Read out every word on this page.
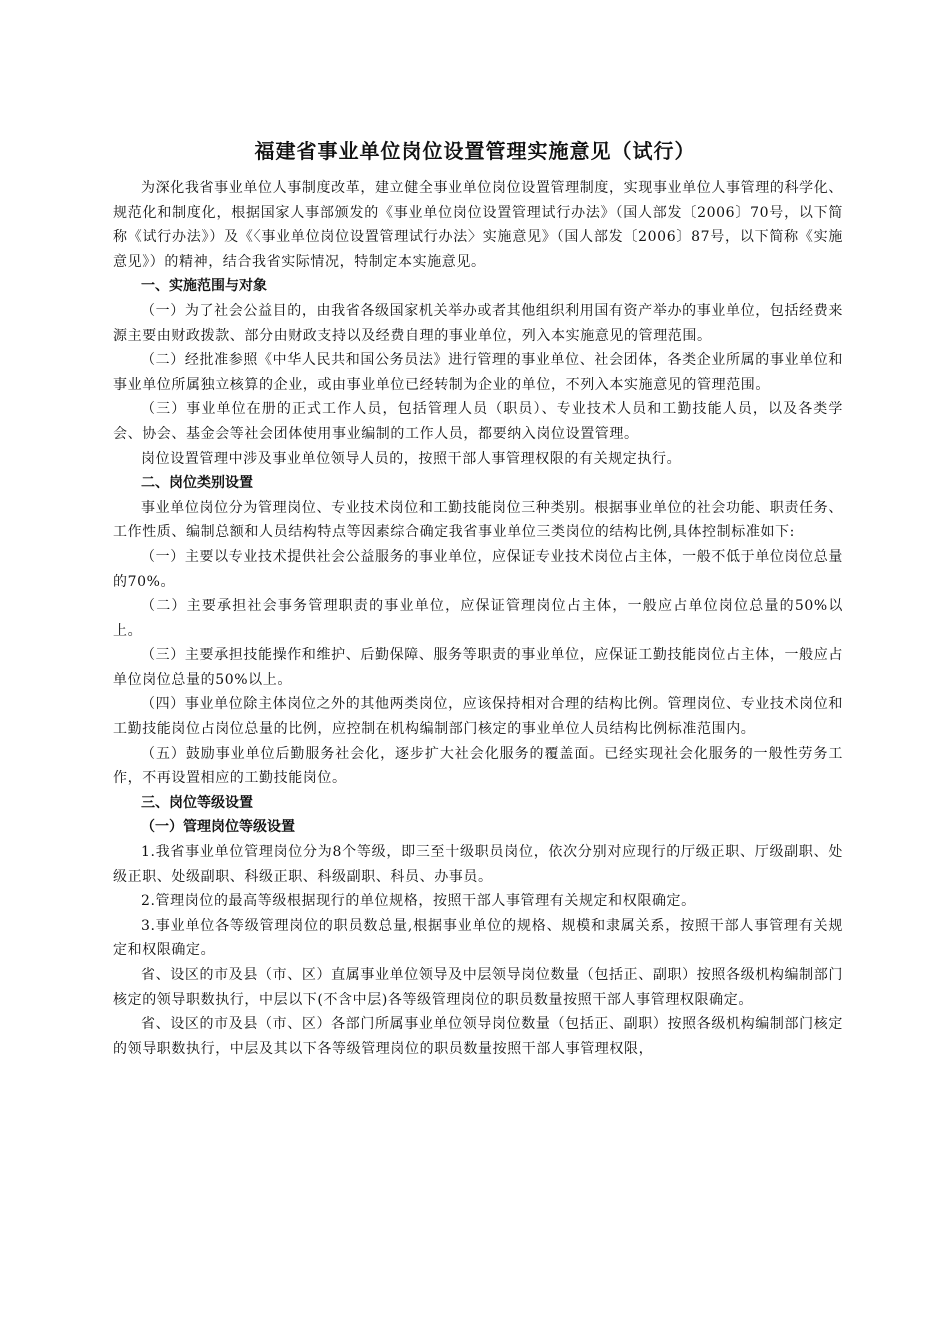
福建省事业单位岗位设置管理实施意见（试行）

为深化我省事业单位人事制度改革，建立健全事业单位岗位设置管理制度，实现事业单位人事管理的科学化、规范化和制度化，根据国家人事部颁发的《事业单位岗位设置管理试行办法》（国人部发〔2006〕70号，以下简称《试行办法》）及《〈事业单位岗位设置管理试行办法〉实施意见》（国人部发〔2006〕87号，以下简称《实施意见》）的精神，结合我省实际情况，特制定本实施意见。

一、实施范围与对象

（一）为了社会公益目的，由我省各级国家机关举办或者其他组织利用国有资产举办的事业单位，包括经费来源主要由财政拨款、部分由财政支持以及经费自理的事业单位，列入本实施意见的管理范围。

（二）经批准参照《中华人民共和国公务员法》进行管理的事业单位、社会团体，各类企业所属的事业单位和事业单位所属独立核算的企业，或由事业单位已经转制为企业的单位，不列入本实施意见的管理范围。

（三）事业单位在册的正式工作人员，包括管理人员（职员）、专业技术人员和工勤技能人员，以及各类学会、协会、基金会等社会团体使用事业编制的工作人员，都要纳入岗位设置管理。

岗位设置管理中涉及事业单位领导人员的，按照干部人事管理权限的有关规定执行。

二、岗位类别设置

事业单位岗位分为管理岗位、专业技术岗位和工勤技能岗位三种类别。根据事业单位的社会功能、职责任务、工作性质、编制总额和人员结构特点等因素综合确定我省事业单位三类岗位的结构比例,具体控制标准如下:

（一）主要以专业技术提供社会公益服务的事业单位，应保证专业技术岗位占主体，一般不低于单位岗位总量的70%。

（二）主要承担社会事务管理职责的事业单位，应保证管理岗位占主体，一般应占单位岗位总量的50%以上。

（三）主要承担技能操作和维护、后勤保障、服务等职责的事业单位，应保证工勤技能岗位占主体，一般应占单位岗位总量的50%以上。

（四）事业单位除主体岗位之外的其他两类岗位，应该保持相对合理的结构比例。管理岗位、专业技术岗位和工勤技能岗位占岗位总量的比例，应控制在机构编制部门核定的事业单位人员结构比例标准范围内。

（五）鼓励事业单位后勤服务社会化，逐步扩大社会化服务的覆盖面。已经实现社会化服务的一般性劳务工作，不再设置相应的工勤技能岗位。

三、岗位等级设置

（一）管理岗位等级设置

1.我省事业单位管理岗位分为8个等级，即三至十级职员岗位，依次分别对应现行的厅级正职、厅级副职、处级正职、处级副职、科级正职、科级副职、科员、办事员。

2.管理岗位的最高等级根据现行的单位规格，按照干部人事管理有关规定和权限确定。

3.事业单位各等级管理岗位的职员数总量,根据事业单位的规格、规模和隶属关系，按照干部人事管理有关规定和权限确定。

省、设区的市及县（市、区）直属事业单位领导及中层领导岗位数量（包括正、副职）按照各级机构编制部门核定的领导职数执行，中层以下(不含中层)各等级管理岗位的职员数量按照干部人事管理权限确定。

省、设区的市及县（市、区）各部门所属事业单位领导岗位数量（包括正、副职）按照各级机构编制部门核定的领导职数执行，中层及其以下各等级管理岗位的职员数量按照干部人事管理权限，
